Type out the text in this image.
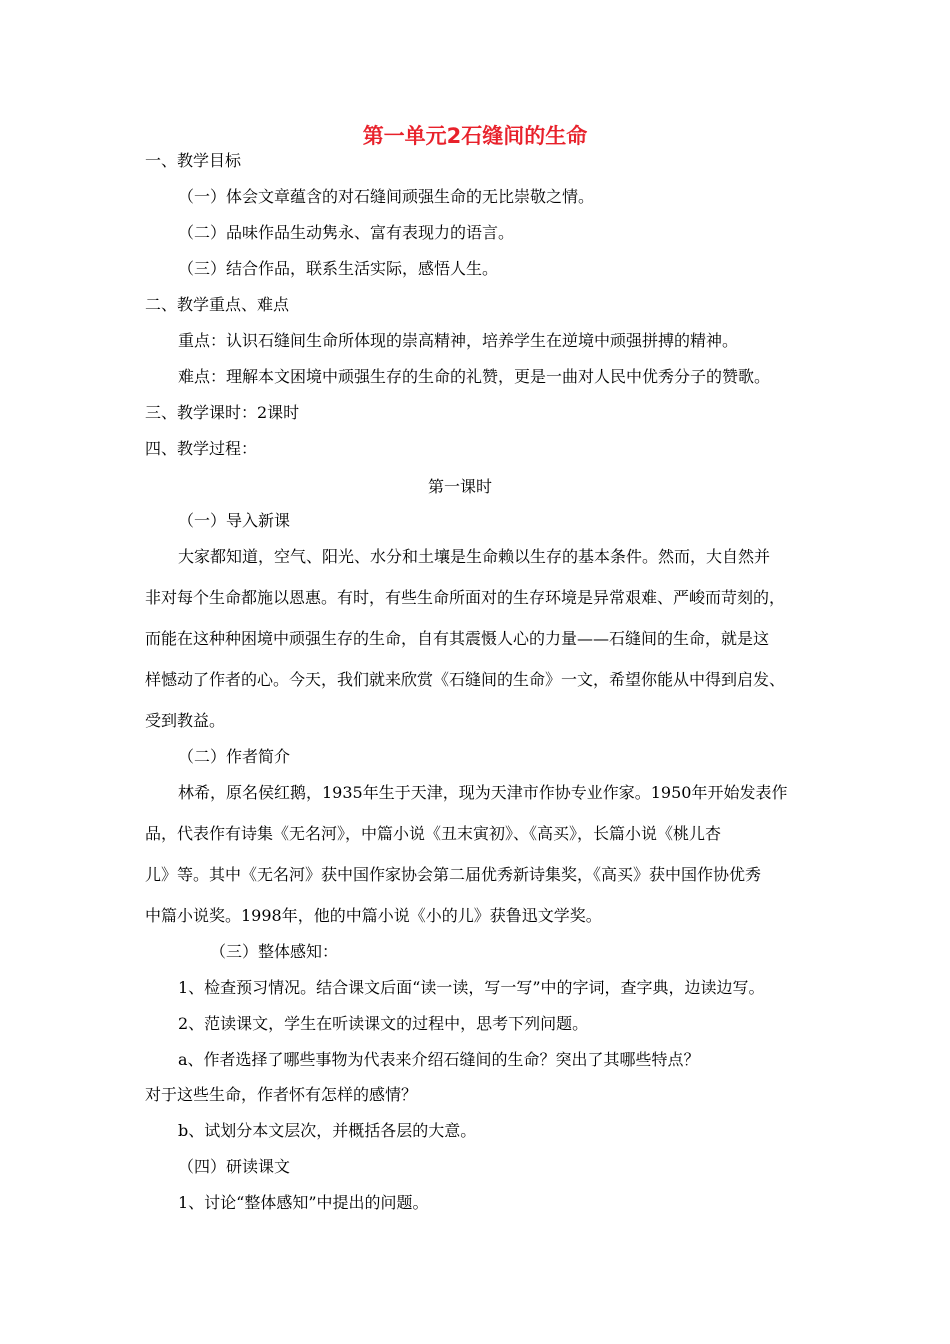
第一单元2石缝间的生命
一、教学目标
（一）体会文章蕴含的对石缝间顽强生命的无比崇敬之情。
（二）品味作品生动隽永、富有表现力的语言。
（三）结合作品，联系生活实际，感悟人生。
二、教学重点、难点
重点：认识石缝间生命所体现的崇高精神，培养学生在逆境中顽强拼搏的精神。
难点：理解本文困境中顽强生存的生命的礼赞，更是一曲对人民中优秀分子的赞歌。
三、教学课时：2课时
四、教学过程：
第一课时
（一）导入新课
大家都知道，空气、阳光、水分和土壤是生命赖以生存的基本条件。然而，大自然并
非对每个生命都施以恩惠。有时，有些生命所面对的生存环境是异常艰难、严峻而苛刻的，
而能在这种种困境中顽强生存的生命，自有其震慑人心的力量——石缝间的生命，就是这
样憾动了作者的心。今天，我们就来欣赏《石缝间的生命》一文，希望你能从中得到启发、
受到教益。
（二）作者简介
林希，原名侯红鹅，1935年生于天津，现为天津市作协专业作家。1950年开始发表作
品，代表作有诗集《无名河》，中篇小说《丑末寅初》、《高买》，长篇小说《桃儿杏
儿》等。其中《无名河》获中国作家协会第二届优秀新诗集奖，《高买》获中国作协优秀
中篇小说奖。1998年，他的中篇小说《小的儿》获鲁迅文学奖。
（三）整体感知：
1、检查预习情况。结合课文后面“读一读，写一写”中的字词，查字典，边读边写。
2、范读课文，学生在听读课文的过程中，思考下列问题。
a、作者选择了哪些事物为代表来介绍石缝间的生命？突出了其哪些特点？
对于这些生命，作者怀有怎样的感情？
b、试划分本文层次，并概括各层的大意。
（四）研读课文
1、讨论“整体感知”中提出的问题。
